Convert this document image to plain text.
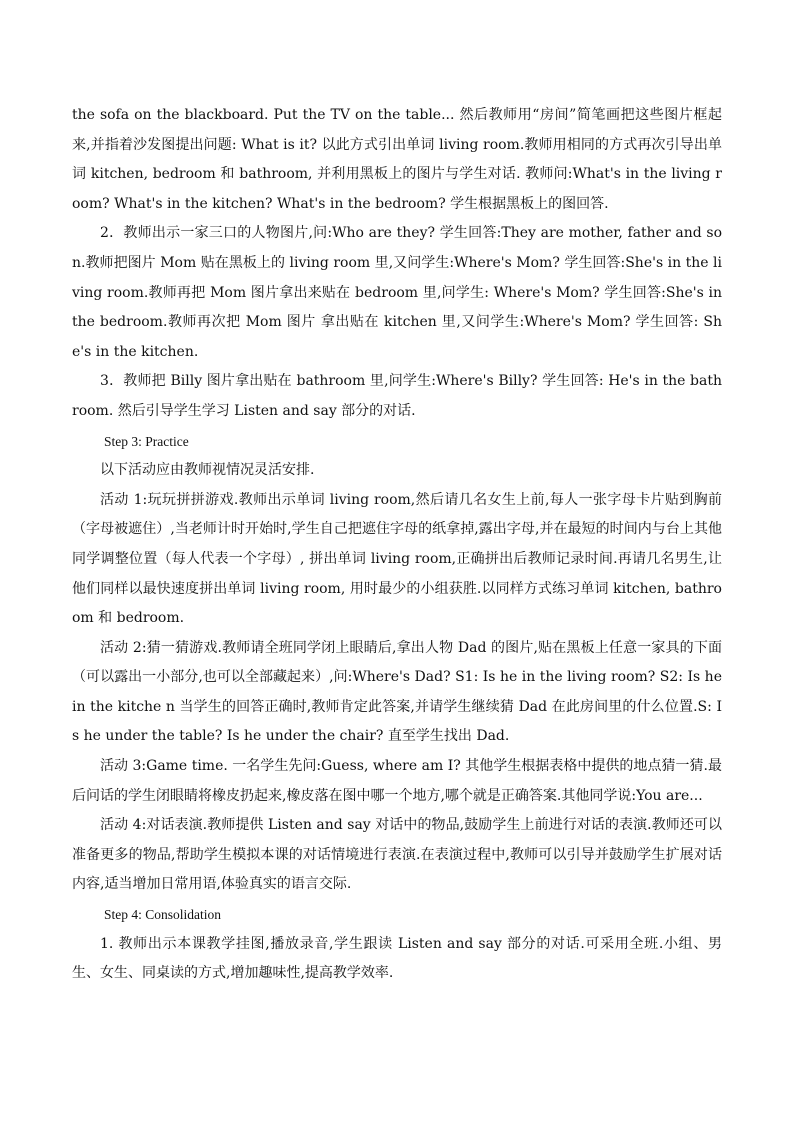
the sofa on the blackboard. Put the TV on the table... 然后教师用“房间”简笔画把这些图片框起来,并指着沙发图提出问题: What is it? 以此方式引出单词 living room.教师用相同的方式再次引导出单词 kitchen, bedroom 和 bathroom, 并利用黑板上的图片与学生对话. 教师问:What's in the living room? What's in the kitchen? What's in the bedroom? 学生根据黑板上的图回答.

2．教师出示一家三口的人物图片,问:Who are they? 学生回答:They are mother, father and son.教师把图片 Mom 贴在黑板上的 living room 里,又问学生:Where's Mom? 学生回答:She's in the living room.教师再把 Mom 图片拿出来贴在 bedroom 里,问学生: Where's Mom? 学生回答:She's in the bedroom.教师再次把 Mom 图片 拿出贴在 kitchen 里,又问学生:Where's Mom? 学生回答: She's in the kitchen.

3．教师把 Billy 图片拿出贴在 bathroom 里,问学生:Where's Billy? 学生回答: He's in the bathroom. 然后引导学生学习 Listen and say 部分的对话.

Step 3: Practice

以下活动应由教师视情况灵活安排.

活动 1:玩玩拼拼游戏.教师出示单词 living room,然后请几名女生上前,每人一张字母卡片贴到胸前（字母被遮住）,当老师计时开始时,学生自己把遮住字母的纸拿掉,露出字母,并在最短的时间内与台上其他同学调整位置（每人代表一个字母）, 拼出单词 living room,正确拼出后教师记录时间.再请几名男生,让他们同样以最快速度拼出单词 living room, 用时最少的小组获胜.以同样方式练习单词 kitchen, bathroom 和 bedroom.

活动 2:猜一猜游戏.教师请全班同学闭上眼睛后,拿出人物 Dad 的图片,贴在黑板上任意一家具的下面（可以露出一小部分,也可以全部藏起来）,问:Where's Dad? S1: Is he in the living room? S2: Is he in the kitche n 当学生的回答正确时,教师肯定此答案,并请学生继续猜 Dad 在此房间里的什么位置.S: Is he under the table? Is he under the chair? 直至学生找出 Dad.

活动 3:Game time. 一名学生先问:Guess, where am I? 其他学生根据表格中提供的地点猜一猜.最后问话的学生闭眼睛将橡皮扔起来,橡皮落在图中哪一个地方,哪个就是正确答案.其他同学说:You are...

活动 4:对话表演.教师提供 Listen and say 对话中的物品,鼓励学生上前进行对话的表演.教师还可以准备更多的物品,帮助学生模拟本课的对话情境进行表演.在表演过程中,教师可以引导并鼓励学生扩展对话内容,适当增加日常用语,体验真实的语言交际.

Step 4: Consolidation

1. 教师出示本课教学挂图,播放录音,学生跟读 Listen and say 部分的对话.可采用全班.小组、男生、女生、同桌读的方式,增加趣味性,提高教学效率.
